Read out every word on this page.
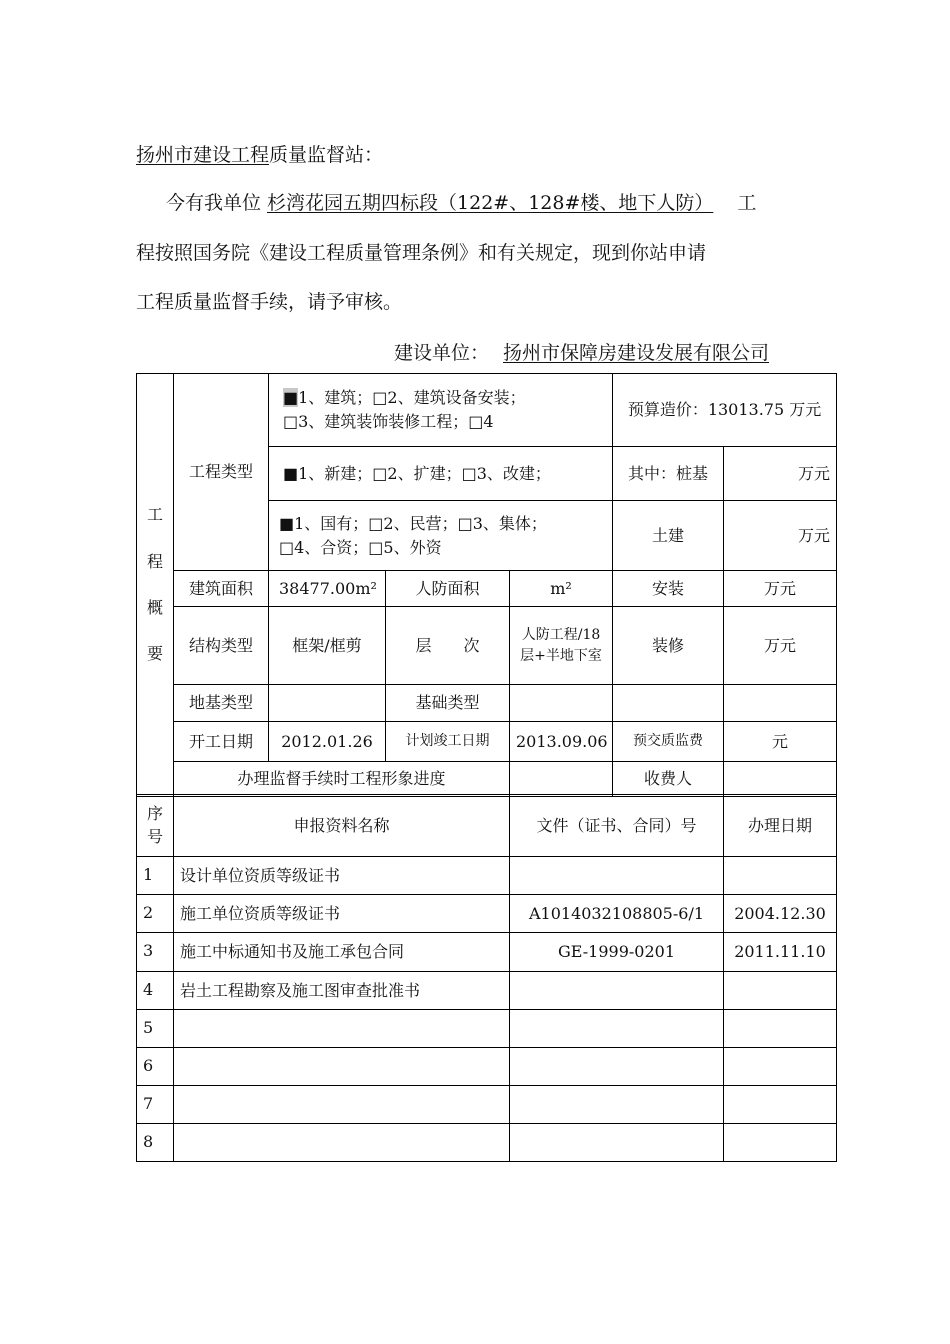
扬州市建设工程质量监督站：
今有我单位 杉湾花园五期四标段（122#、128#楼、地下人防） 工
程按照国务院《建设工程质量管理条例》和有关规定，现到你站申请
工程质量监督手续，请予审核。
建设单位： 扬州市保障房建设发展有限公司
工
程
概
要	工程类型	■1、建筑；□2、建筑设备安装；
□3、建筑装饰装修工程；□4			预算造价：13013.75 万元	
		■1、新建；□2、扩建；□3、改建；			其中：桩基	万元
		■1、国有；□2、民营；□3、集体；
□4、合资；□5、外资			土建	万元
	建筑面积	38477.00m²	人防面积	m²	安装	万元
	结构类型	框架/框剪	层　　次	人防工程/18 层+半地下室	装修	万元
	地基类型		基础类型			
	开工日期	2012.01.26	计划竣工日期	2013.09.06	预交质监费	元
	办理监督手续时工程形象进度				收费人	
序号	申报资料名称	文件（证书、合同）号	办理日期
1	设计单位资质等级证书		
2	施工单位资质等级证书	A1014032108805-6/1	2004.12.30
3	施工中标通知书及施工承包合同	GE-1999-0201	2011.11.10
4	岩土工程勘察及施工图审查批准书		
5			
6			
7			
8			
